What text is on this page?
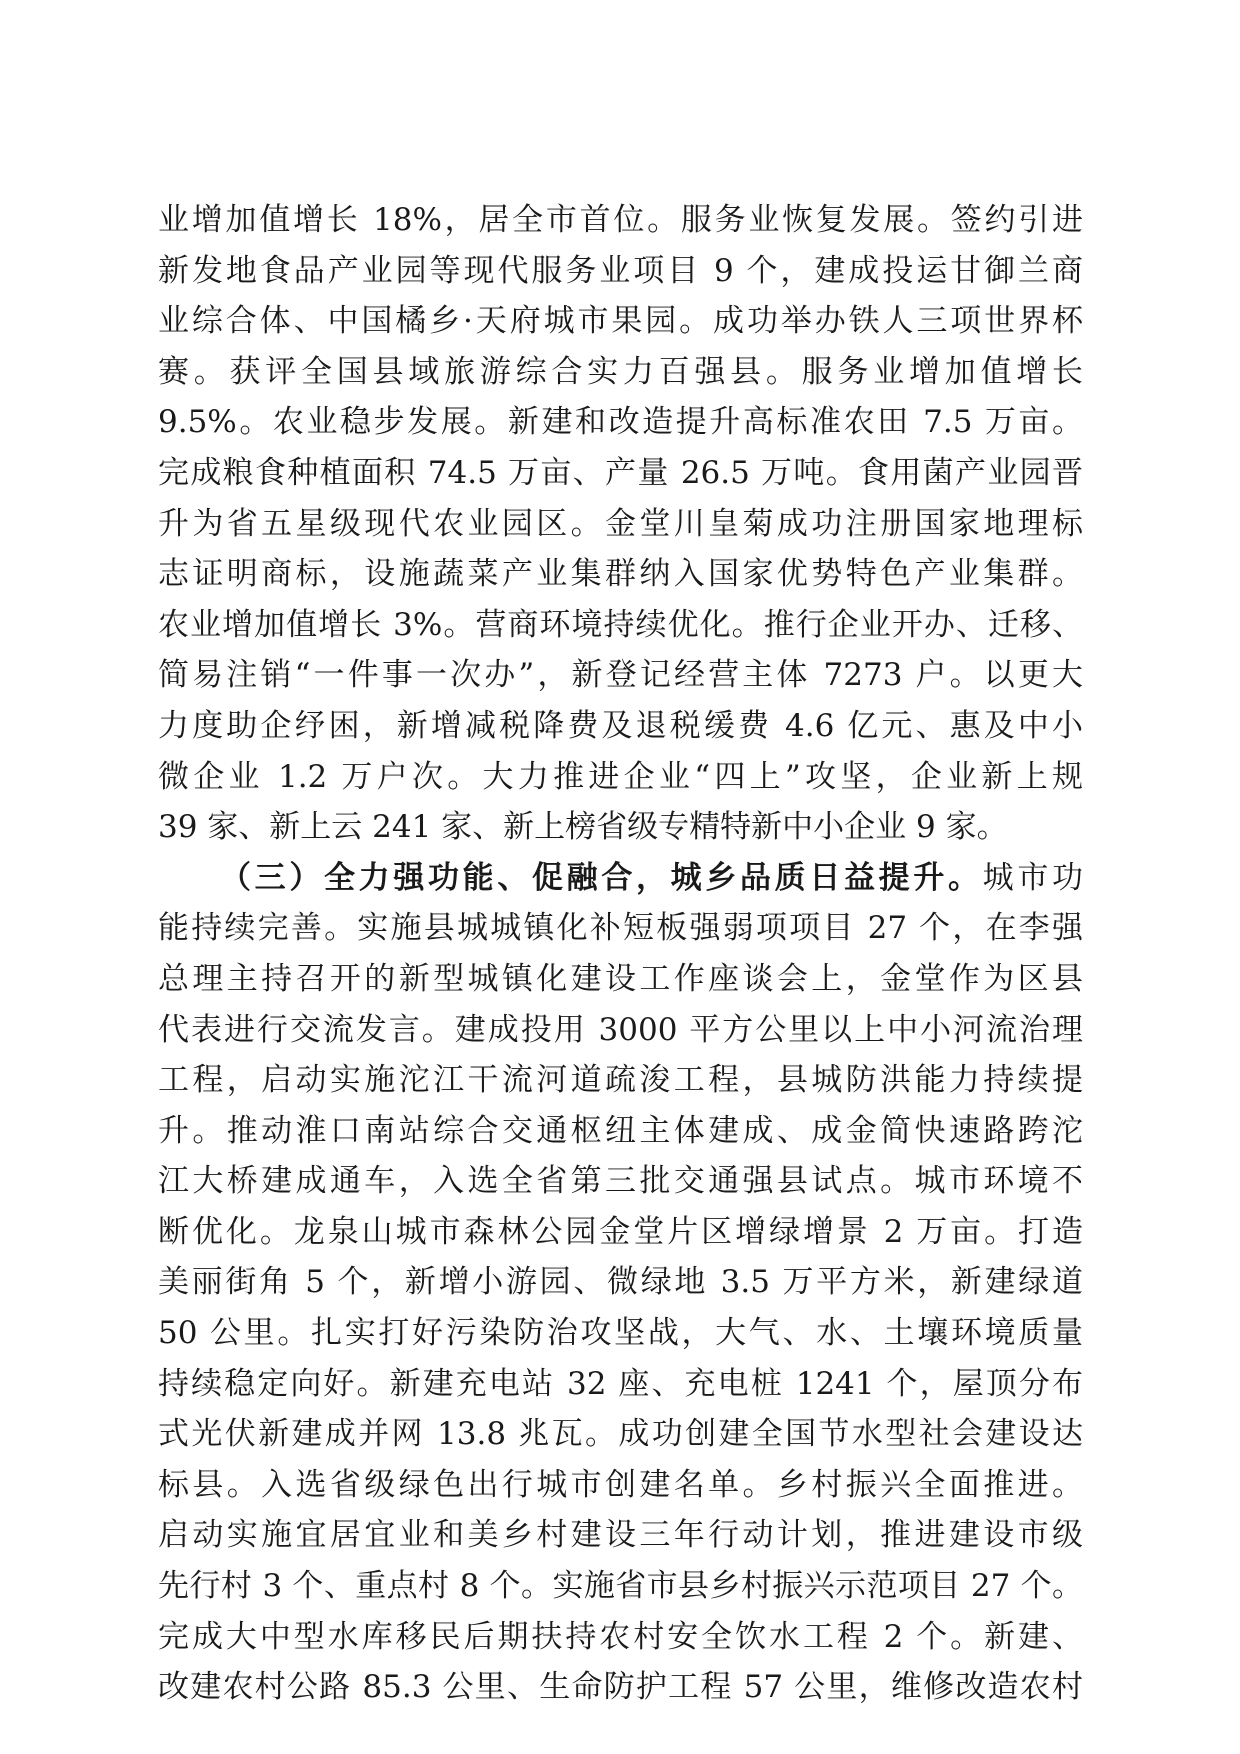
业增加值增长 18%，居全市首位。服务业恢复发展。签约引进
新发地食品产业园等现代服务业项目 9 个，建成投运甘御兰商
业综合体、中国橘乡·天府城市果园。成功举办铁人三项世界杯
赛。获评全国县域旅游综合实力百强县。服务业增加值增长
9.5%。农业稳步发展。新建和改造提升高标准农田 7.5 万亩。
完成粮食种植面积 74.5 万亩、产量 26.5 万吨。食用菌产业园晋
升为省五星级现代农业园区。金堂川皇菊成功注册国家地理标
志证明商标，设施蔬菜产业集群纳入国家优势特色产业集群。
农业增加值增长 3%。营商环境持续优化。推行企业开办、迁移、
简易注销“一件事一次办”，新登记经营主体 7273 户。以更大
力度助企纾困，新增减税降费及退税缓费 4.6 亿元、惠及中小
微企业 1.2 万户次。大力推进企业“四上”攻坚，企业新上规
39 家、新上云 241 家、新上榜省级专精特新中小企业 9 家。
（三）全力强功能、促融合，城乡品质日益提升。城市功
能持续完善。实施县城城镇化补短板强弱项项目 27 个，在李强
总理主持召开的新型城镇化建设工作座谈会上，金堂作为区县
代表进行交流发言。建成投用 3000 平方公里以上中小河流治理
工程，启动实施沱江干流河道疏浚工程，县城防洪能力持续提
升。推动淮口南站综合交通枢纽主体建成、成金简快速路跨沱
江大桥建成通车，入选全省第三批交通强县试点。城市环境不
断优化。龙泉山城市森林公园金堂片区增绿增景 2 万亩。打造
美丽街角 5 个，新增小游园、微绿地 3.5 万平方米，新建绿道
50 公里。扎实打好污染防治攻坚战，大气、水、土壤环境质量
持续稳定向好。新建充电站 32 座、充电桩 1241 个，屋顶分布
式光伏新建成并网 13.8 兆瓦。成功创建全国节水型社会建设达
标县。入选省级绿色出行城市创建名单。乡村振兴全面推进。
启动实施宜居宜业和美乡村建设三年行动计划，推进建设市级
先行村 3 个、重点村 8 个。实施省市县乡村振兴示范项目 27 个。
完成大中型水库移民后期扶持农村安全饮水工程 2 个。新建、
改建农村公路 85.3 公里、生命防护工程 57 公里，维修改造农村
